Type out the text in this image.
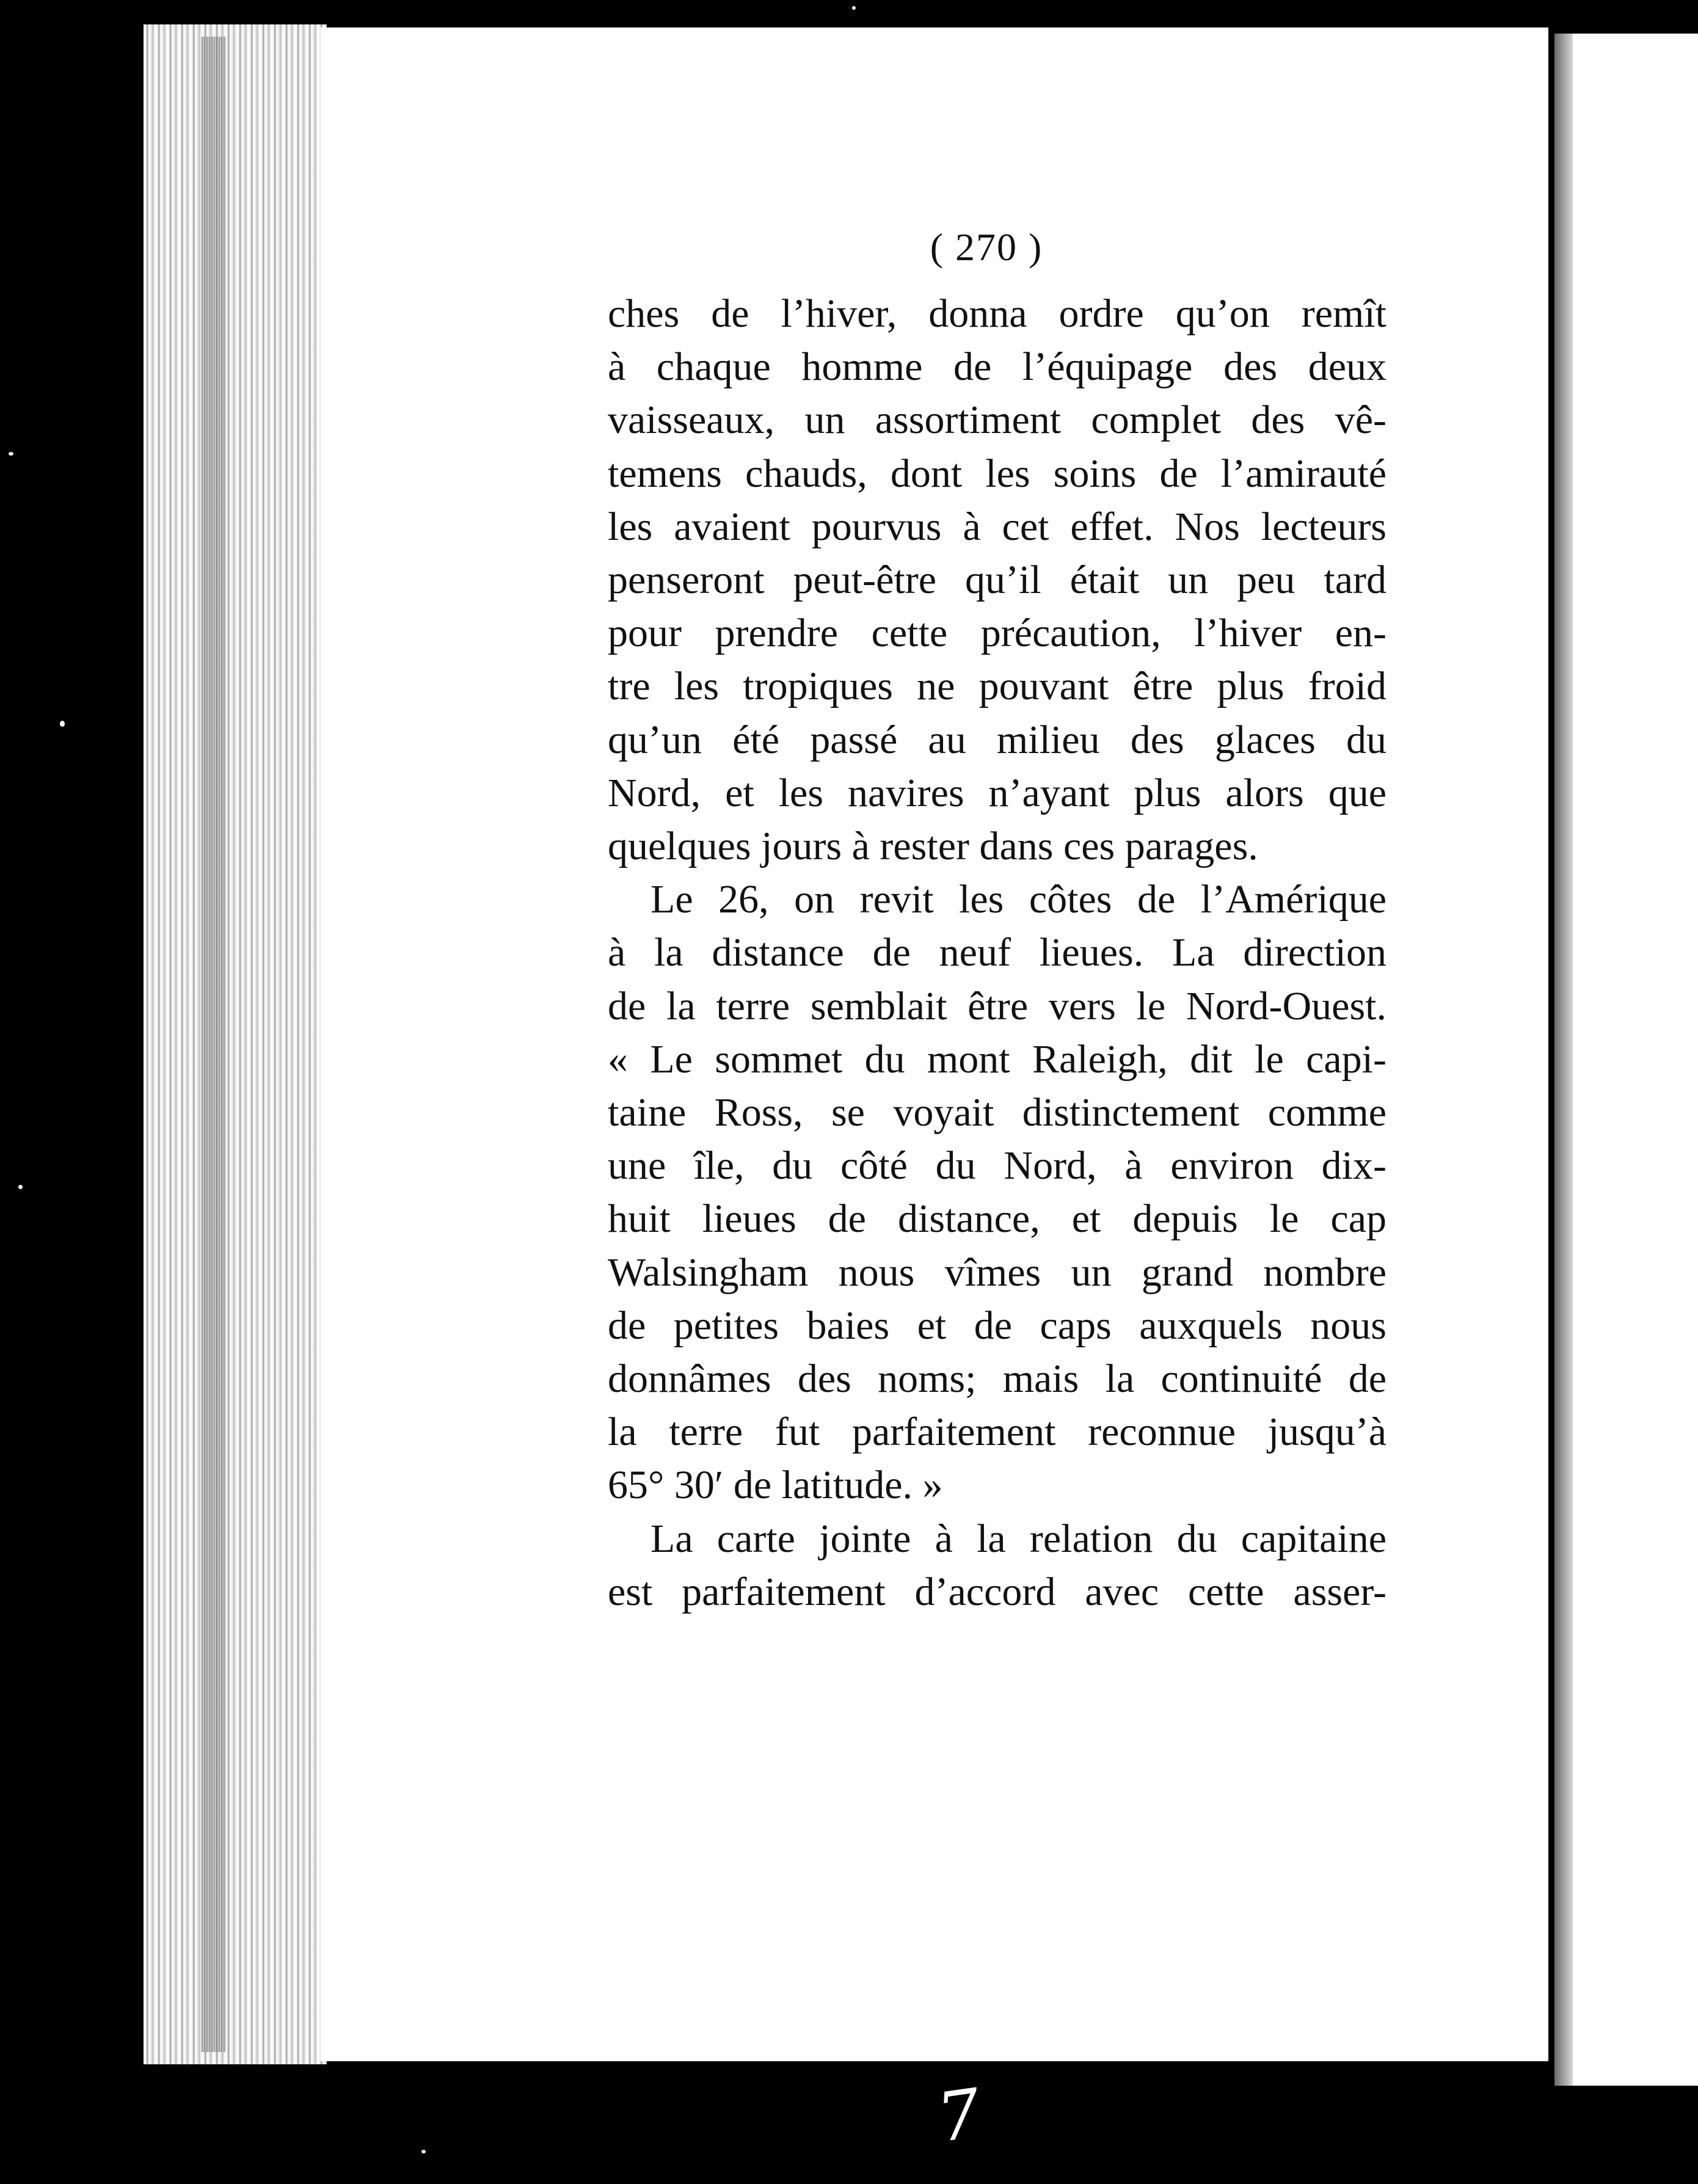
( 270 )
ches de l’hiver, donna ordre qu’on remît
à chaque homme de l’équipage des deux
vaisseaux, un assortiment complet des vê-
temens chauds, dont les soins de l’amirauté
les avaient pourvus à cet effet. Nos lecteurs
penseront peut-être qu’il était un peu tard
pour prendre cette précaution, l’hiver en-
tre les tropiques ne pouvant être plus froid
qu’un été passé au milieu des glaces du
Nord, et les navires n’ayant plus alors que
quelques jours à rester dans ces parages.
Le 26, on revit les côtes de l’Amérique
à la distance de neuf lieues. La direction
de la terre semblait être vers le Nord-Ouest.
« Le sommet du mont Raleigh, dit le capi-
taine Ross, se voyait distinctement comme
une île, du côté du Nord, à environ dix-
huit lieues de distance, et depuis le cap
Walsingham nous vîmes un grand nombre
de petites baies et de caps auxquels nous
donnâmes des noms; mais la continuité de
la terre fut parfaitement reconnue jusqu’à
65° 30′ de latitude. »
La carte jointe à la relation du capitaine
est parfaitement d’accord avec cette asser-
7
